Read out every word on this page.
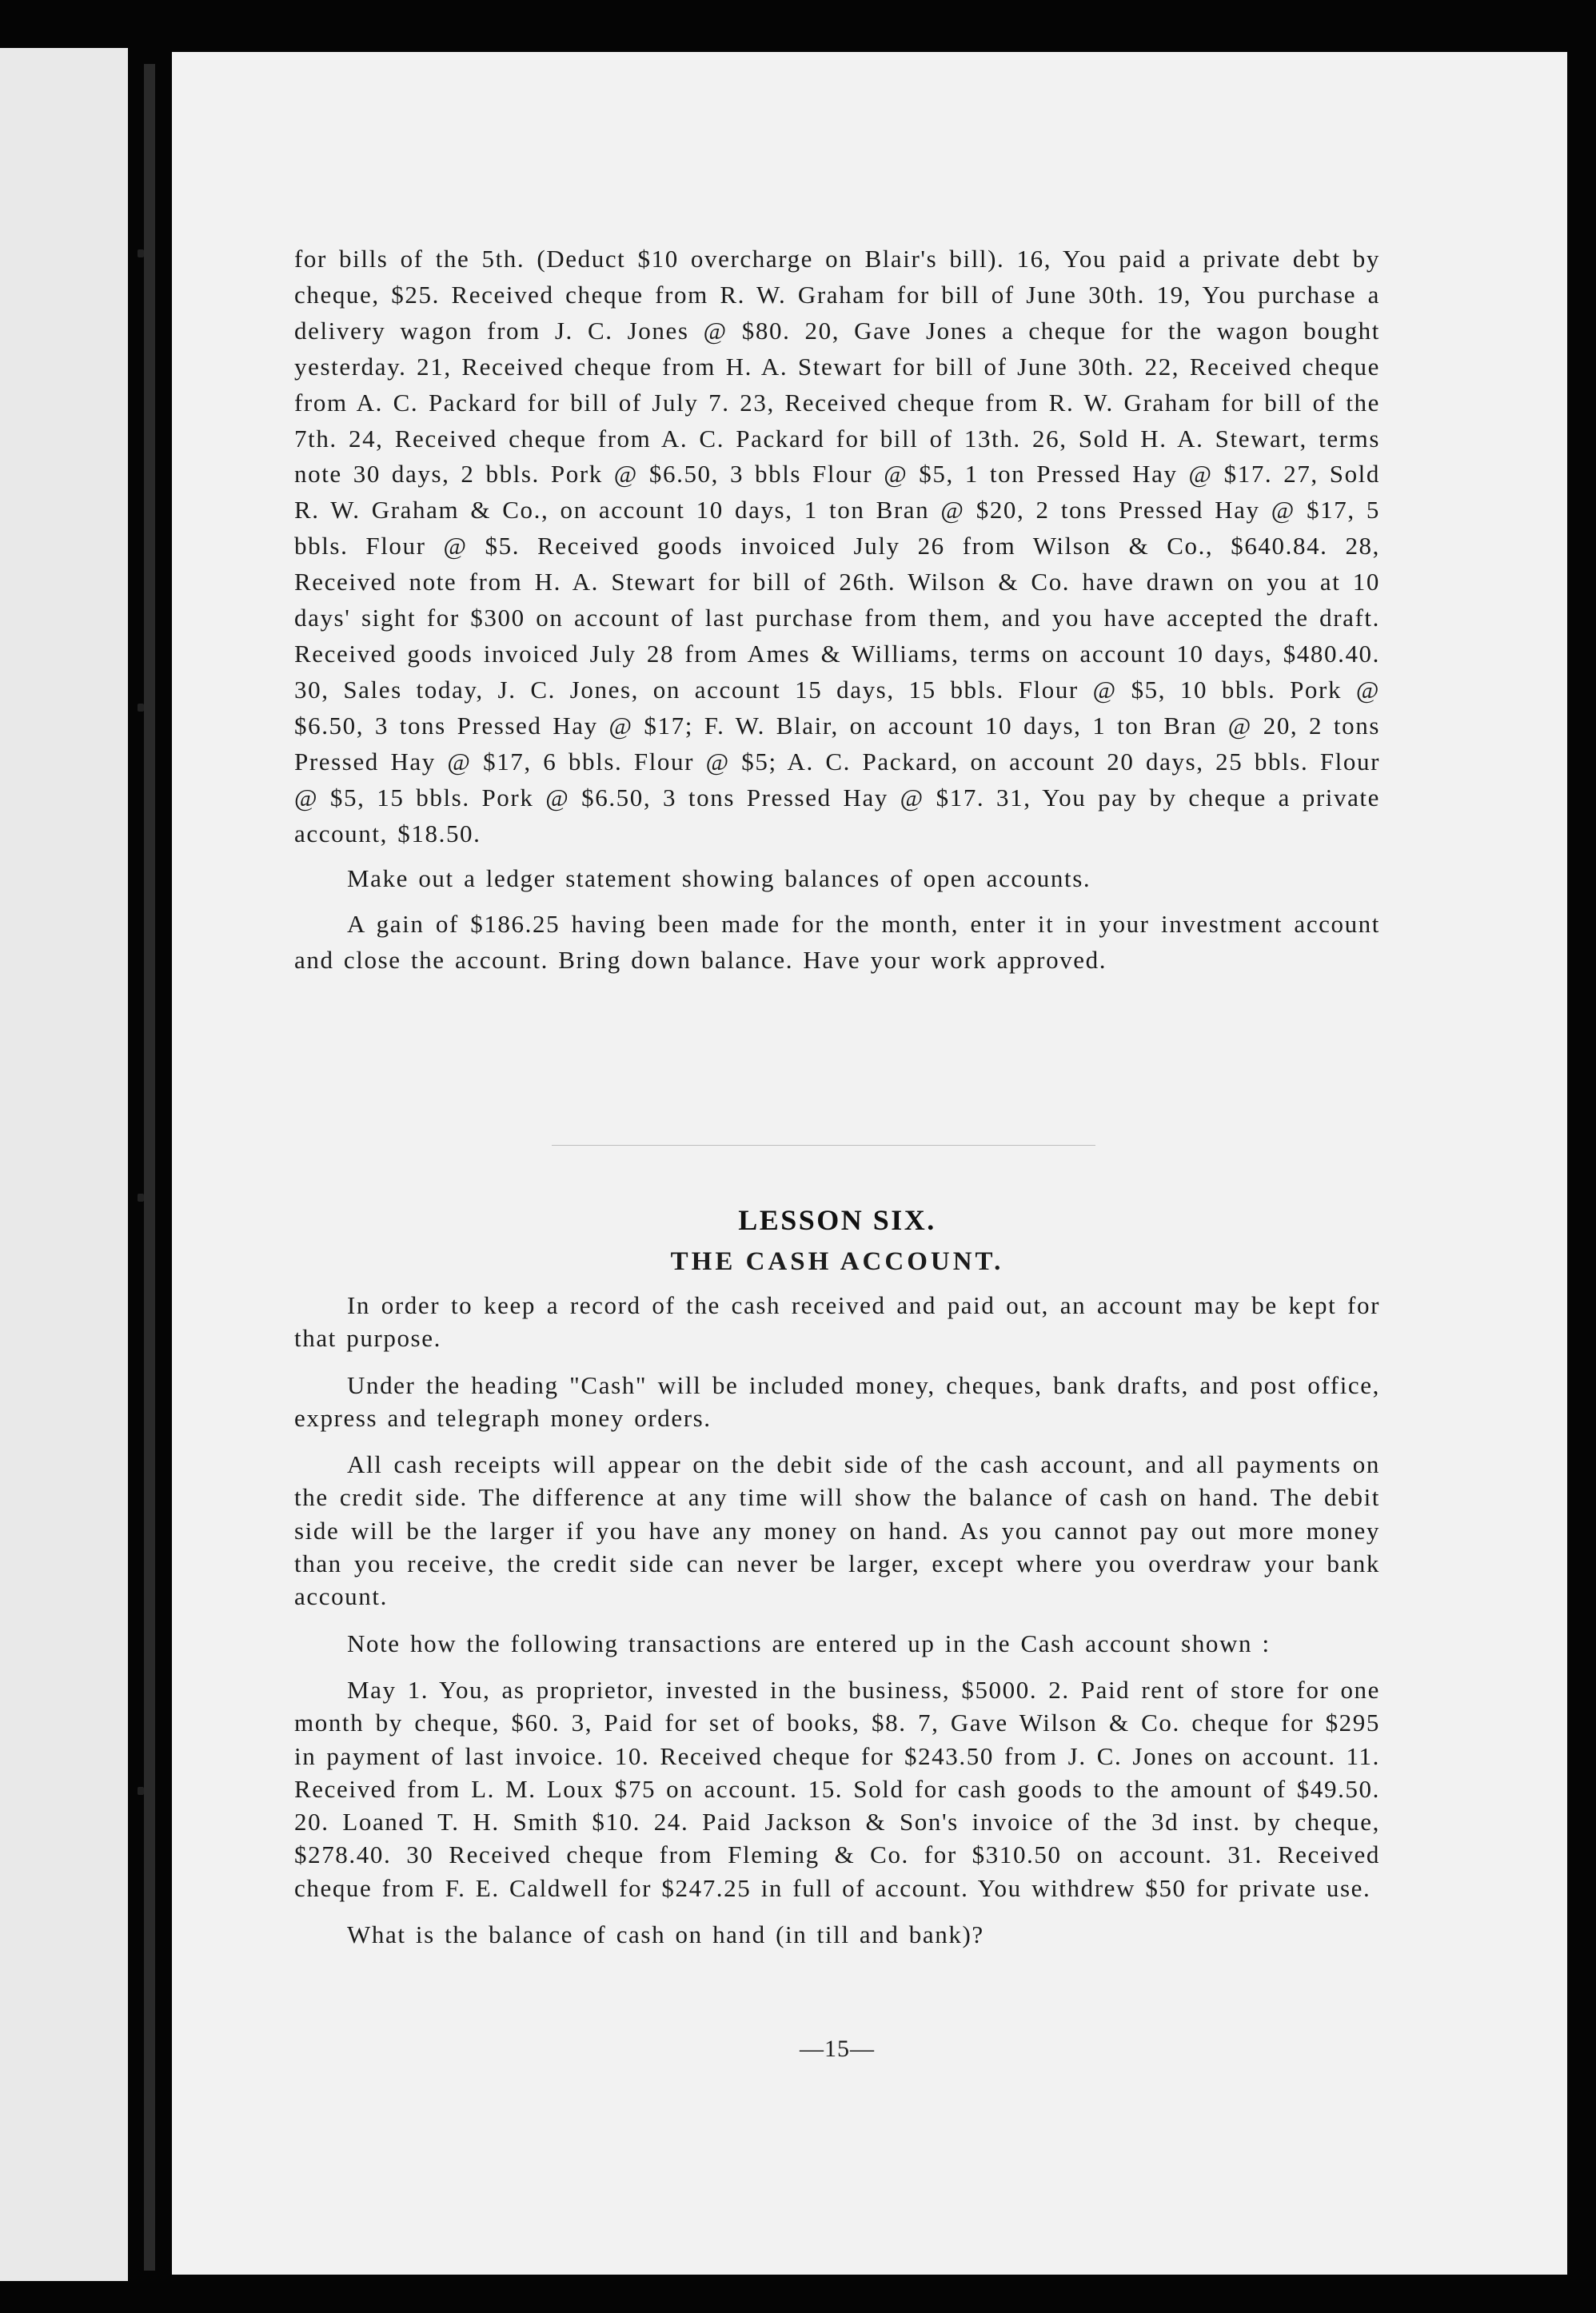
for bills of the 5th. (Deduct $10 overcharge on Blair's bill). 16, You paid a private debt by cheque, $25. Received cheque from R. W. Graham for bill of June 30th. 19, You purchase a delivery wagon from J. C. Jones @ $80. 20, Gave Jones a cheque for the wagon bought yesterday. 21, Received cheque from H. A. Stewart for bill of June 30th. 22, Received cheque from A. C. Packard for bill of July 7. 23, Received cheque from R. W. Graham for bill of the 7th. 24, Received cheque from A. C. Packard for bill of 13th. 26, Sold H. A. Stewart, terms note 30 days, 2 bbls. Pork @ $6.50, 3 bbls Flour @ $5, 1 ton Pressed Hay @ $17. 27, Sold R. W. Graham & Co., on account 10 days, 1 ton Bran @ $20, 2 tons Pressed Hay @ $17, 5 bbls. Flour @ $5. Received goods invoiced July 26 from Wilson & Co., $640.84. 28, Received note from H. A. Stewart for bill of 26th. Wilson & Co. have drawn on you at 10 days' sight for $300 on account of last purchase from them, and you have accepted the draft. Received goods invoiced July 28 from Ames & Williams, terms on account 10 days, $480.40. 30, Sales today, J. C. Jones, on account 15 days, 15 bbls. Flour @ $5, 10 bbls. Pork @ $6.50, 3 tons Pressed Hay @ $17; F. W. Blair, on account 10 days, 1 ton Bran @ 20, 2 tons Pressed Hay @ $17, 6 bbls. Flour @ $5; A. C. Packard, on account 20 days, 25 bbls. Flour @ $5, 15 bbls. Pork @ $6.50, 3 tons Pressed Hay @ $17. 31, You pay by cheque a private account, $18.50.

Make out a ledger statement showing balances of open accounts.

A gain of $186.25 having been made for the month, enter it in your investment account and close the account. Bring down balance. Have your work approved.

LESSON SIX.
THE CASH ACCOUNT.

In order to keep a record of the cash received and paid out, an account may be kept for that purpose.

Under the heading "Cash" will be included money, cheques, bank drafts, and post office, express and telegraph money orders.

All cash receipts will appear on the debit side of the cash account, and all payments on the credit side. The difference at any time will show the balance of cash on hand. The debit side will be the larger if you have any money on hand. As you cannot pay out more money than you receive, the credit side can never be larger, except where you overdraw your bank account.

Note how the following transactions are entered up in the Cash account shown :

May 1. You, as proprietor, invested in the business, $5000. 2. Paid rent of store for one month by cheque, $60. 3, Paid for set of books, $8. 7, Gave Wilson & Co. cheque for $295 in payment of last invoice. 10. Received cheque for $243.50 from J. C. Jones on account. 11. Received from L. M. Loux $75 on account. 15. Sold for cash goods to the amount of $49.50. 20. Loaned T. H. Smith $10. 24. Paid Jackson & Son's invoice of the 3d inst. by cheque, $278.40. 30 Received cheque from Fleming & Co. for $310.50 on account. 31. Received cheque from F. E. Caldwell for $247.25 in full of account. You withdrew $50 for private use.

What is the balance of cash on hand (in till and bank)?

—15—
